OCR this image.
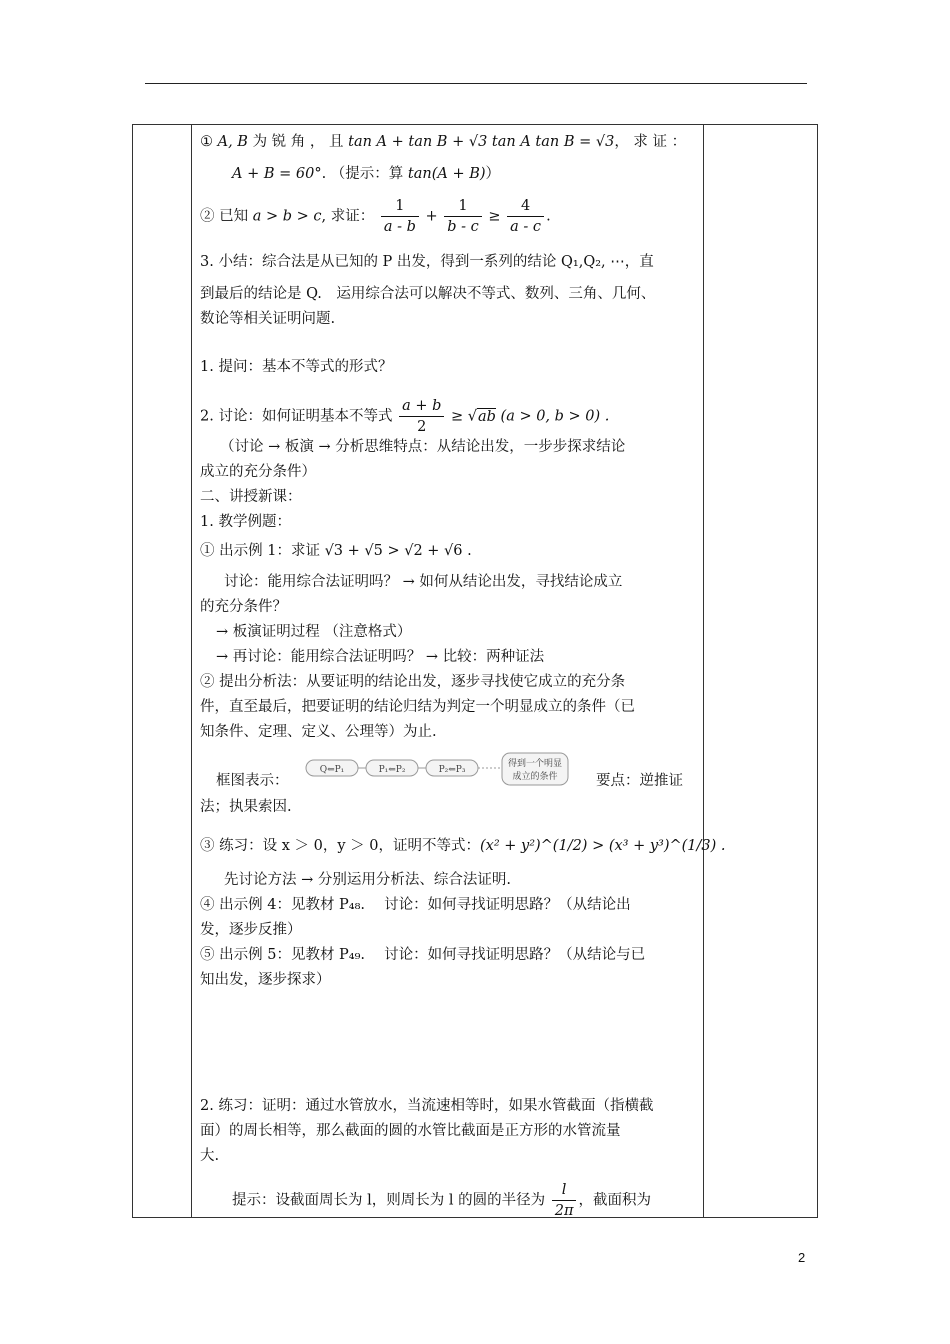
① A, B 为 锐 角 ， 且 tan A + tan B + √3 tan A tan B = √3， 求 证 ：
A + B = 60°. （提示：算 tan(A + B)）
② 已知 a > b > c, 求证： $\frac{1}{a - b} + \frac{1}{b - c} \ge \frac{4}{a - c}$ .
3. 小结：综合法是从已知的 P 出发，得到一系列的结论 Q₁,Q₂, ⋯，直
到最后的结论是 Q.　运用综合法可以解决不等式、数列、三角、几何、
数论等相关证明问题.
1. 提问：基本不等式的形式？
2. 讨论：如何证明基本不等式 $\frac{a + b}{2} \ge √ab$ (a > 0, b > 0) .
（讨论 → 板演 → 分析思维特点：从结论出发，一步步探求结论
成立的充分条件）
二、讲授新课：
1. 教学例题：
① 出示例 1：求证 √3 + √5 > √2 + √6 .
讨论：能用综合法证明吗？ → 如何从结论出发，寻找结论成立
的充分条件？
→ 板演证明过程 （注意格式）
→ 再讨论：能用综合法证明吗？ → 比较：两种证法
② 提出分析法：从要证明的结论出发，逐步寻找使它成立的充分条
件，直至最后，把要证明的结论归结为判定一个明显成立的条件（已
知条件、定理、定义、公理等）为止.
框图表示：
Q⇐P₁	P₁⇐P₂	P₂⇐P₃
得到一个明显
成立的条件	要点：逆推证
法；执果索因.
③ 练习：设 x ＞ 0，y ＞ 0，证明不等式：(x² + y²)^(1/2) > (x³ + y³)^(1/3) .
先讨论方法 → 分别运用分析法、综合法证明.
④ 出示例 4：见教材 P₄₈.　 讨论：如何寻找证明思路？（从结论出
发，逐步反推）
⑤ 出示例 5：见教材 P₄₉.　 讨论：如何寻找证明思路？（从结论与已
知出发，逐步探求）
2. 练习：证明：通过水管放水，当流速相等时，如果水管截面（指横截
面）的周长相等，那么截面的圆的水管比截面是正方形的水管流量
大.
提示：设截面周长为 l，则周长为 l 的圆的半径为 $\frac{l}{2\pi}$ ，截面积为
2
